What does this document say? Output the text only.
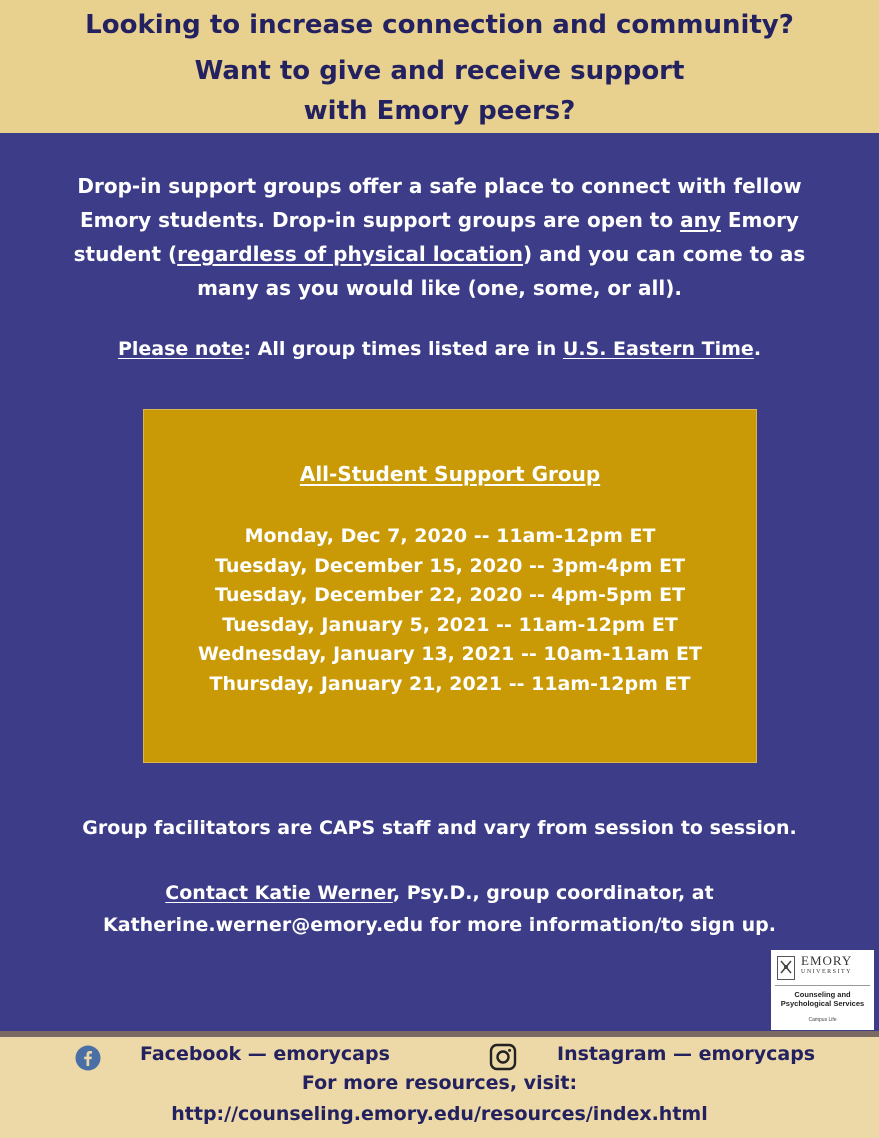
Looking to increase connection and community?
Want to give and receive support
with Emory peers?
Drop-in support groups offer a safe place to connect with fellow Emory students. Drop-in support groups are open to any Emory student (regardless of physical location) and you can come to as many as you would like (one, some, or all).
Please note: All group times listed are in U.S. Eastern Time.
All-Student Support Group
Monday, Dec 7, 2020 -- 11am-12pm ET
Tuesday, December 15, 2020 -- 3pm-4pm ET
Tuesday, December 22, 2020 -- 4pm-5pm ET
Tuesday, January 5, 2021 -- 11am-12pm ET
Wednesday, January 13, 2021 -- 10am-11am ET
Thursday, January 21, 2021 -- 11am-12pm ET
Group facilitators are CAPS staff and vary from session to session.
Contact Katie Werner, Psy.D., group coordinator, at
Katherine.werner@emory.edu for more information/to sign up.
EMORY
UNIVERSITY
Counseling and
Psychological Services
Campus Life
Facebook — emorycaps	Instagram — emorycaps
For more resources, visit:
http://counseling.emory.edu/resources/index.html
